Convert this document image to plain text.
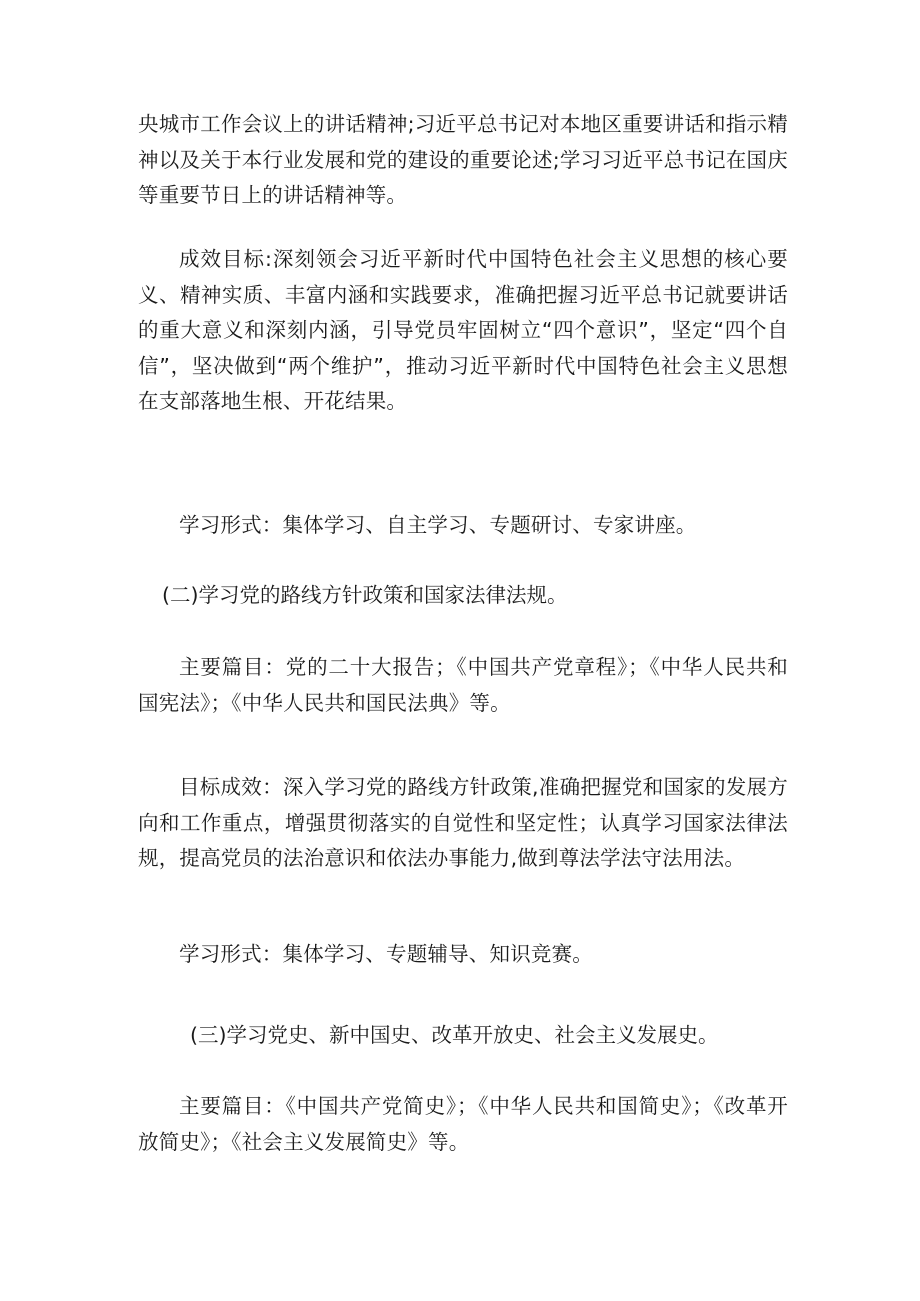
央城市工作会议上的讲话精神;习近平总书记对本地区重要讲话和指示精神以及关于本行业发展和党的建设的重要论述;学习习近平总书记在国庆等重要节日上的讲话精神等。

成效目标:深刻领会习近平新时代中国特色社会主义思想的核心要义、精神实质、丰富内涵和实践要求，准确把握习近平总书记就要讲话的重大意义和深刻内涵，引导党员牢固树立“四个意识”，坚定“四个自信”，坚决做到“两个维护”，推动习近平新时代中国特色社会主义思想在支部落地生根、开花结果。

学习形式：集体学习、自主学习、专题研讨、专家讲座。

(二)学习党的路线方针政策和国家法律法规。

主要篇目：党的二十大报告；《中国共产党章程》；《中华人民共和国宪法》；《中华人民共和国民法典》等。

目标成效：深入学习党的路线方针政策,准确把握党和国家的发展方向和工作重点，增强贯彻落实的自觉性和坚定性；认真学习国家法律法规，提高党员的法治意识和依法办事能力,做到尊法学法守法用法。

学习形式：集体学习、专题辅导、知识竞赛。

(三)学习党史、新中国史、改革开放史、社会主义发展史。

主要篇目：《中国共产党简史》；《中华人民共和国简史》；《改革开放简史》；《社会主义发展简史》等。
